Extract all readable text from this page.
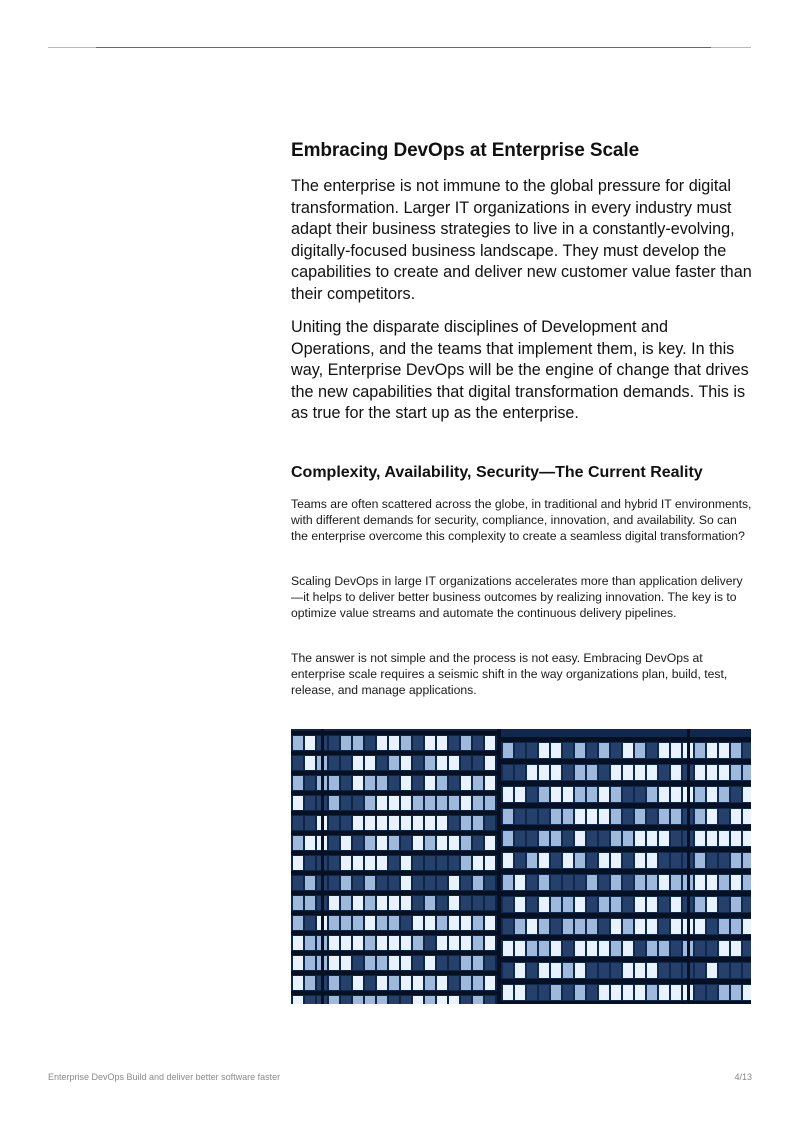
Embracing DevOps at Enterprise Scale

The enterprise is not immune to the global pressure for digital transformation. Larger IT organizations in every industry must adapt their business strategies to live in a constantly-evolving, digitally-focused business landscape. They must develop the capabilities to create and deliver new customer value faster than their competitors.

Uniting the disparate disciplines of Development and Operations, and the teams that implement them, is key. In this way, Enterprise DevOps will be the engine of change that drives the new capabilities that digital transformation demands. This is as true for the start up as the enterprise.

Complexity, Availability, Security—The Current Reality

Teams are often scattered across the globe, in traditional and hybrid IT environments, with different demands for security, compliance, innovation, and availability. So can the enterprise overcome this complexity to create a seamless digital transformation?

Scaling DevOps in large IT organizations accelerates more than application delivery—it helps to deliver better business outcomes by realizing innovation. The key is to optimize value streams and automate the continuous delivery pipelines.

The answer is not simple and the process is not easy. Embracing DevOps at enterprise scale requires a seismic shift in the way organizations plan, build, test, release, and manage applications.

Enterprise DevOps Build and deliver better software faster	4/13
